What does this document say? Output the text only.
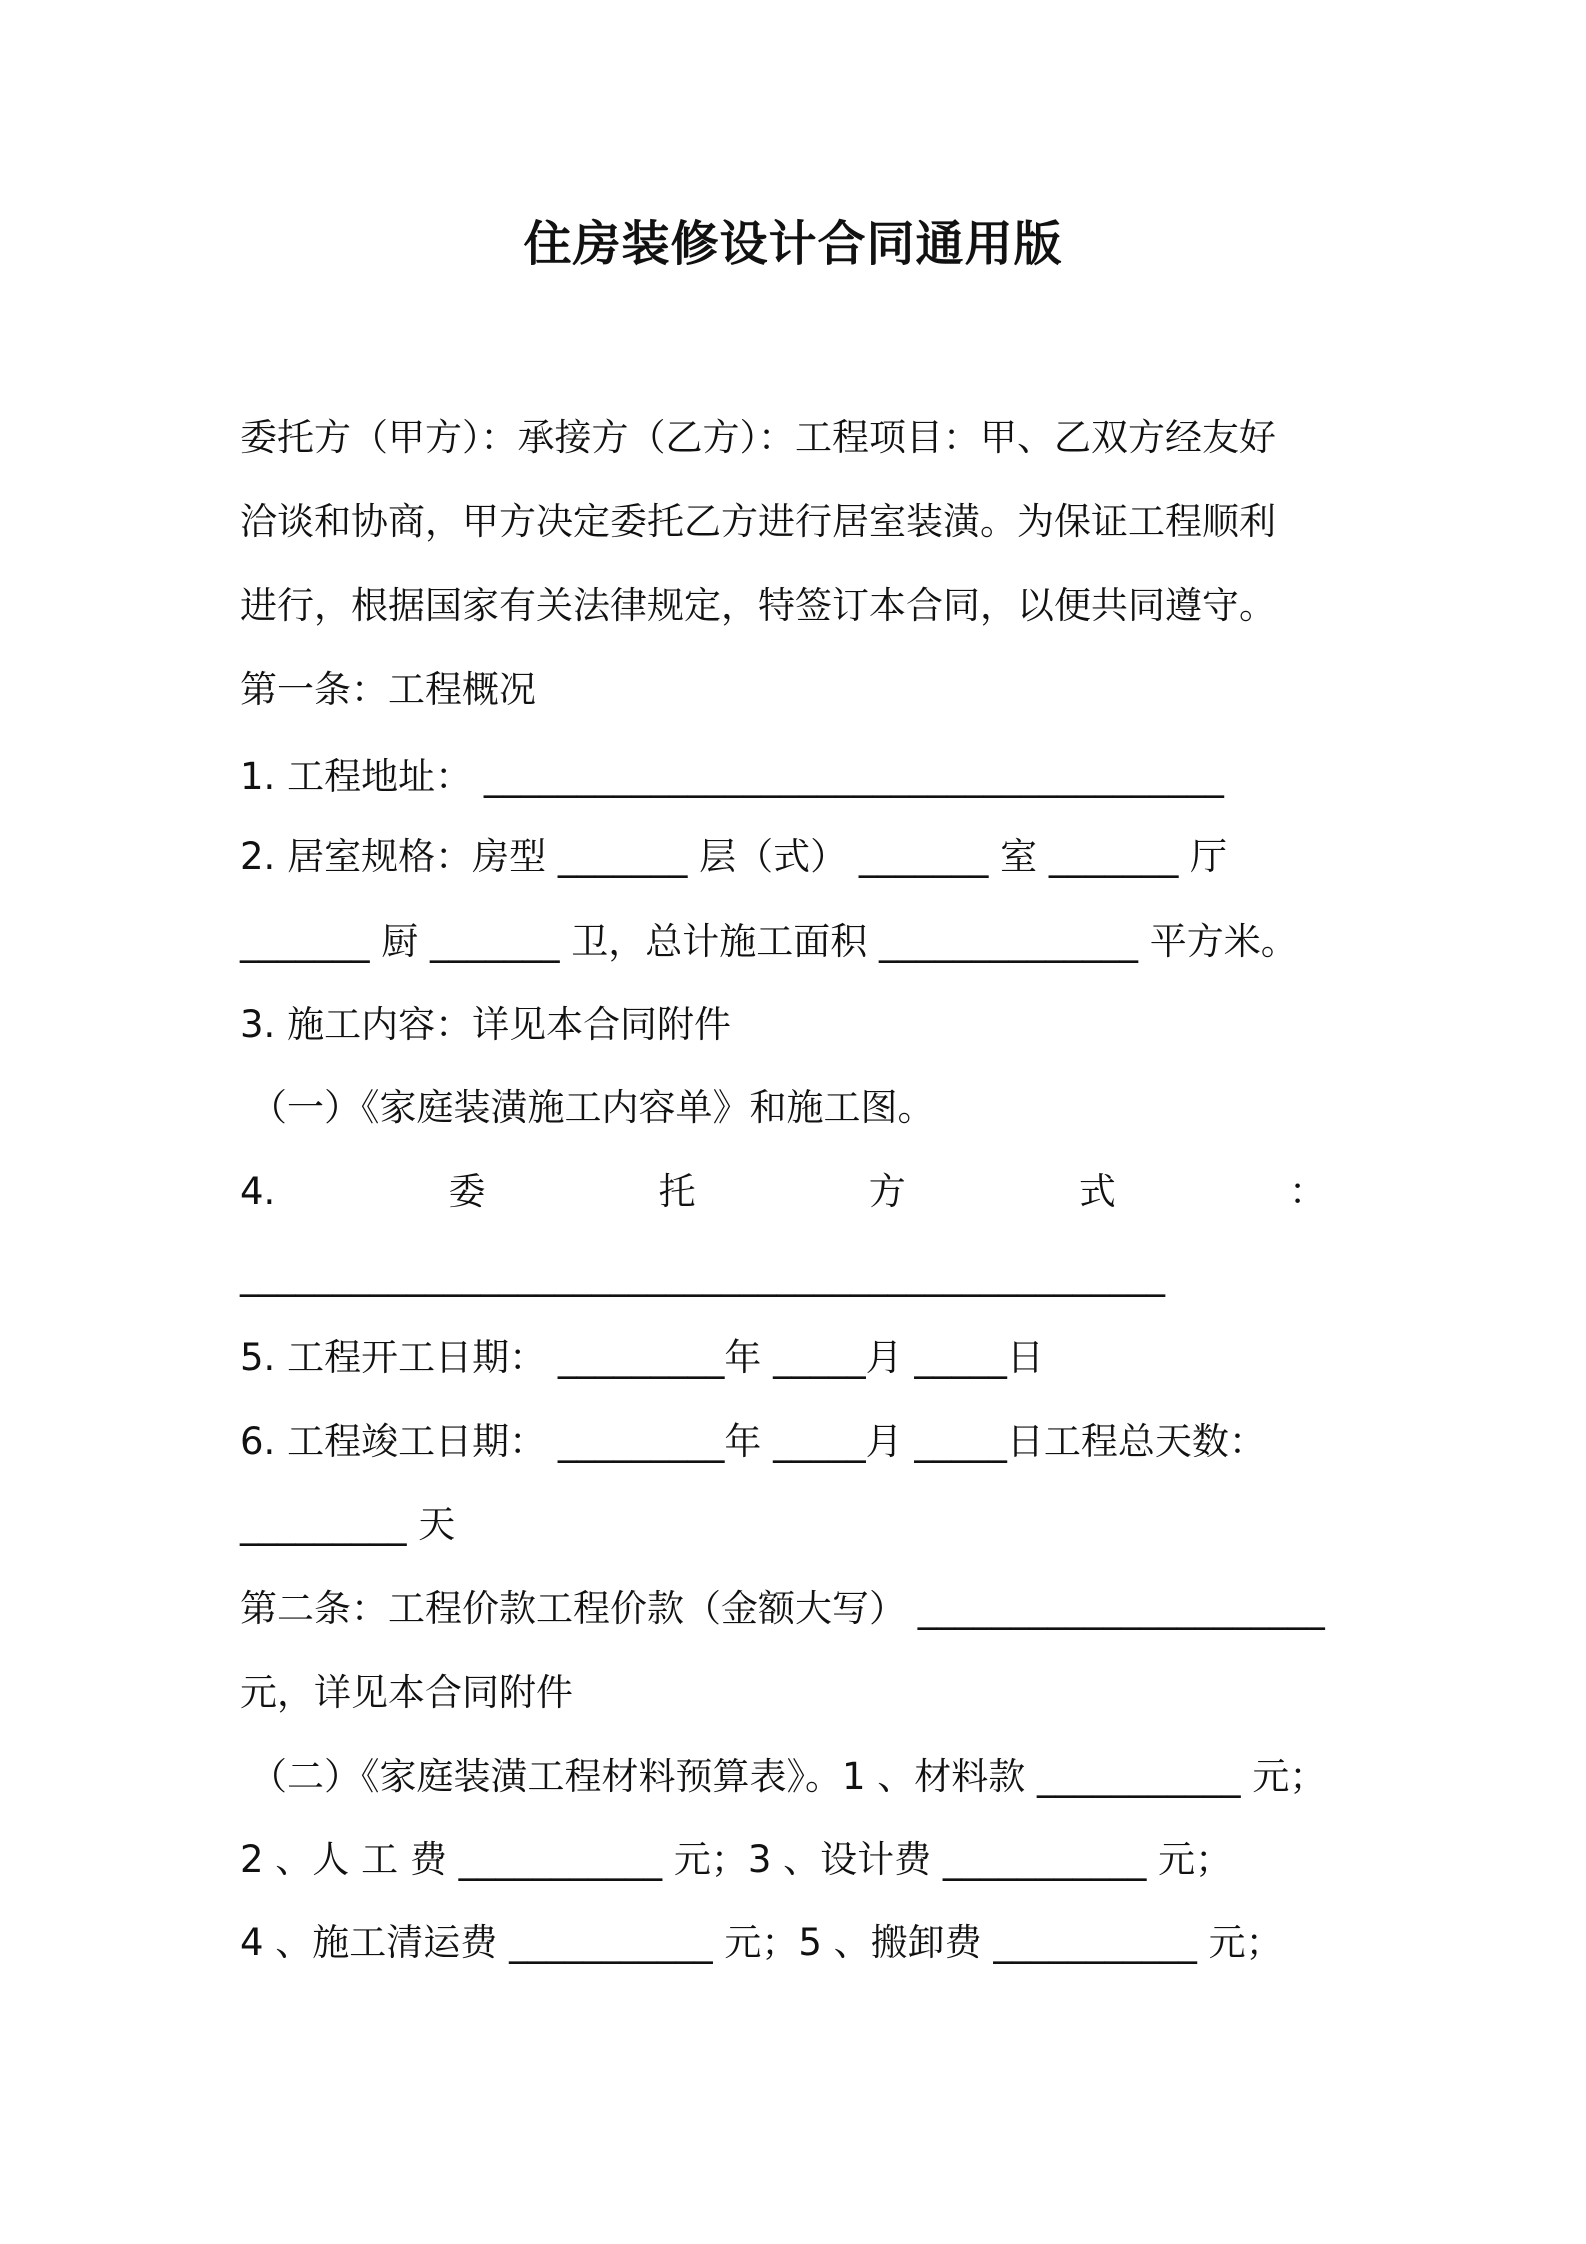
住房装修设计合同通用版
委托方（甲方）：承接方（乙方）：工程项目：甲、乙双方经友好
洽谈和协商，甲方决定委托乙方进行居室装潢。为保证工程顺利
进行，根据国家有关法律规定，特签订本合同，以便共同遵守。
第一条：工程概况
1. 工程地址： ________________________________________
2. 居室规格：房型 _______ 层（式） _______ 室 _______ 厅
_______ 厨 _______ 卫，总计施工面积 ______________ 平方米。
3. 施工内容：详见本合同附件
（一）《家庭装潢施工内容单》和施工图。
4.	委	托	方	式	：
__________________________________________________
5. 工程开工日期： _________年 _____月 _____日
6. 工程竣工日期： _________年 _____月 _____日工程总天数：
_________ 天
第二条：工程价款工程价款（金额大写） ______________________
元，详见本合同附件
（二）《家庭装潢工程材料预算表》。1 、材料款 ___________ 元；
2 、人 工 费 ___________ 元；3 、设计费 ___________ 元；
4 、施工清运费 ___________ 元；5 、搬卸费 ___________ 元；
